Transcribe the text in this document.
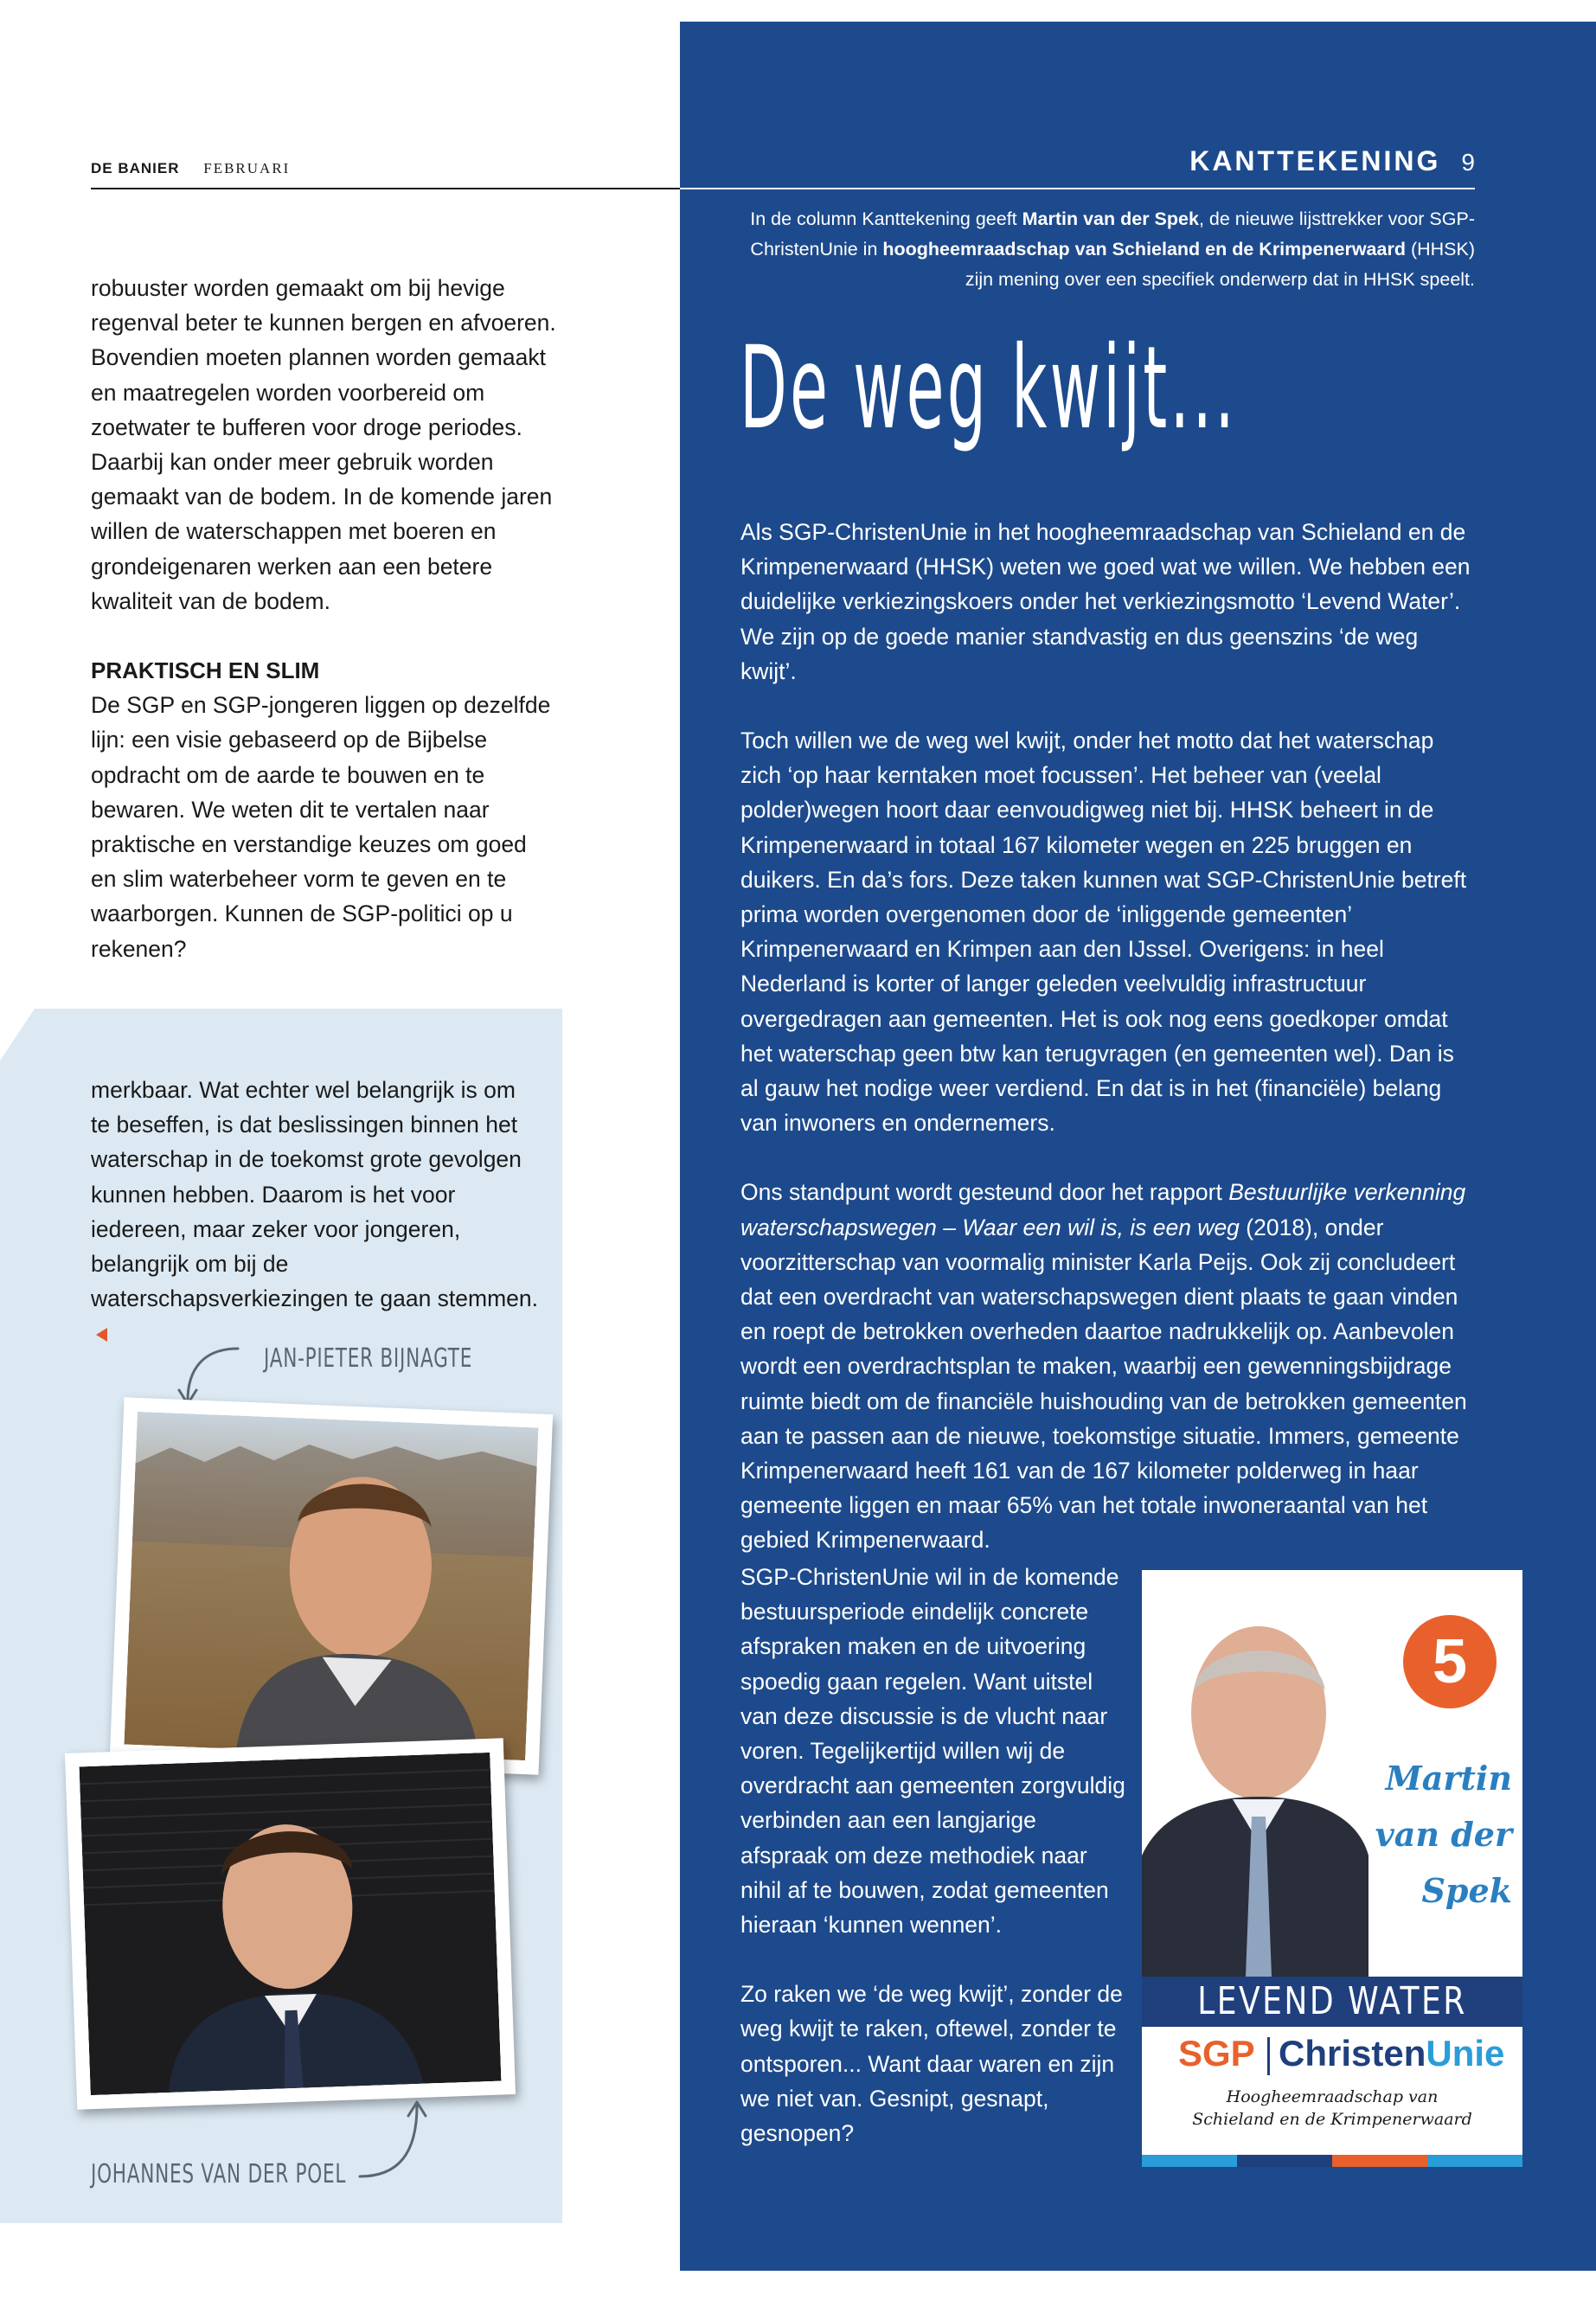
DE BANIER FEBRUARI	KANTTEKENING 9
In de column Kanttekening geeft Martin van der Spek, de nieuwe lijsttrekker voor SGP-ChristenUnie in hoogheemraadschap van Schieland en de Krimpenerwaard (HHSK) zijn mening over een specifiek onderwerp dat in HHSK speelt.
De weg kwijt...

robuuster worden gemaakt om bij hevige regenval beter te kunnen bergen en afvoeren. Bovendien moeten plannen worden gemaakt en maatregelen worden voorbereid om zoetwater te bufferen voor droge periodes. Daarbij kan onder meer gebruik worden gemaakt van de bodem. In de komende jaren willen de waterschappen met boeren en grondeigenaren werken aan een betere kwaliteit van de bodem.

PRAKTISCH EN SLIM

De SGP en SGP-jongeren liggen op dezelfde lijn: een visie gebaseerd op de Bijbelse opdracht om de aarde te bouwen en te bewaren. We weten dit te vertalen naar praktische en verstandige keuzes om goed en slim waterbeheer vorm te geven en te waarborgen. Kunnen de SGP-politici op u rekenen?

merkbaar. Wat echter wel belangrijk is om te beseffen, is dat beslissingen binnen het waterschap in de toekomst grote gevolgen kunnen hebben. Daarom is het voor iedereen, maar zeker voor jongeren, belangrijk om bij de waterschapsverkiezingen te gaan stemmen.

JAN-PIETER BIJNAGTE
JOHANNES VAN DER POEL

Als SGP-ChristenUnie in het hoogheemraadschap van Schieland en de Krimpenerwaard (HHSK) weten we goed wat we willen. We hebben een duidelijke verkiezingskoers onder het verkiezingsmotto ‘Levend Water’. We zijn op de goede manier standvastig en dus geenszins ‘de weg kwijt’.

Toch willen we de weg wel kwijt, onder het motto dat het waterschap zich ‘op haar kerntaken moet focussen’. Het beheer van (veelal polder)wegen hoort daar eenvoudigweg niet bij. HHSK beheert in de Krimpenerwaard in totaal 167 kilometer wegen en 225 bruggen en duikers. En da’s fors. Deze taken kunnen wat SGP-ChristenUnie betreft prima worden overgenomen door de ‘inliggende gemeenten’ Krimpenerwaard en Krimpen aan den IJssel. Overigens: in heel Nederland is korter of langer geleden veelvuldig infrastructuur overgedragen aan gemeenten. Het is ook nog eens goedkoper omdat het waterschap geen btw kan terugvragen (en gemeenten wel). Dan is al gauw het nodige weer verdiend. En dat is in het (financiële) belang van inwoners en ondernemers.

Ons standpunt wordt gesteund door het rapport Bestuurlijke verkenning waterschapswegen – Waar een wil is, is een weg (2018), onder voorzitterschap van voormalig minister Karla Peijs. Ook zij concludeert dat een overdracht van waterschapswegen dient plaats te gaan vinden en roept de betrokken overheden daartoe nadrukkelijk op. Aanbevolen wordt een overdrachtsplan te maken, waarbij een gewenningsbijdrage ruimte biedt om de financiële huishouding van de betrokken gemeenten aan te passen aan de nieuwe, toekomstige situatie. Immers, gemeente Krimpenerwaard heeft 161 van de 167 kilometer polderweg in haar gemeente liggen en maar 65% van het totale inwoneraantal van het gebied Krimpenerwaard.

SGP-ChristenUnie wil in de komende bestuursperiode eindelijk concrete afspraken maken en de uitvoering spoedig gaan regelen. Want uitstel van deze discussie is de vlucht naar voren. Tegelijkertijd willen wij de overdracht aan gemeenten zorgvuldig verbinden aan een langjarige afspraak om deze methodiek naar nihil af te bouwen, zodat gemeenten hieraan ‘kunnen wennen’.

Zo raken we ‘de weg kwijt’, zonder de weg kwijt te raken, oftewel, zonder te ontsporen... Want daar waren en zijn we niet van. Gesnipt, gesnapt, gesnopen?

5
Martin
van der
Spek
LEVEND WATER
SGP ChristenUnie
Hoogheemraadschap van
Schieland en de Krimpenerwaard
